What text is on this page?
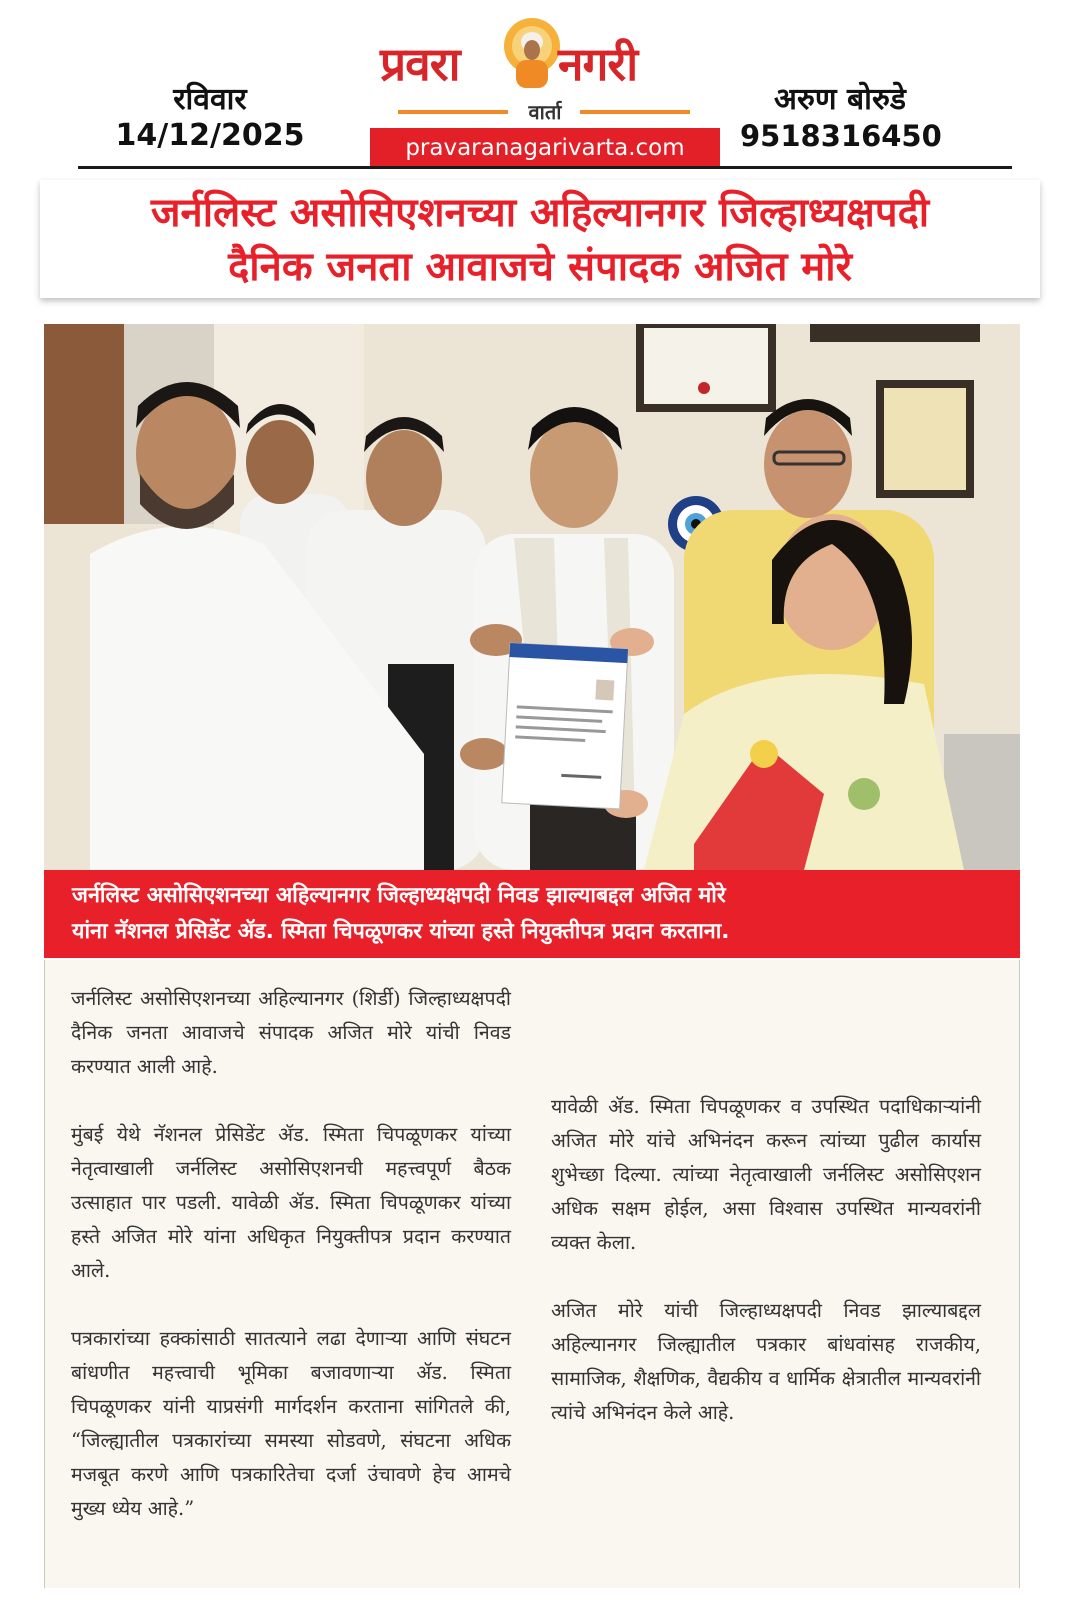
रविवार
14/12/2025
प्रवरा नगरी
वार्ता
pravaranagarivarta.com
अरुण बोरुडे
9518316450
जर्नलिस्ट असोसिएशनच्या अहिल्यानगर जिल्हाध्यक्षपदी
दैनिक जनता आवाजचे संपादक अजित मोरे
जर्नलिस्ट असोसिएशनच्या अहिल्यानगर जिल्हाध्यक्षपदी निवड झाल्याबद्दल अजित मोरे
यांना नॅशनल प्रेसिडेंट ॲड. स्मिता चिपळूणकर यांच्या हस्ते नियुक्तीपत्र प्रदान करताना.

जर्नलिस्ट असोसिएशनच्या अहिल्यानगर (शिर्डी) जिल्हाध्यक्षपदी दैनिक जनता आवाजचे संपादक अजित मोरे यांची निवड करण्यात आली आहे.

मुंबई येथे नॅशनल प्रेसिडेंट ॲड. स्मिता चिपळूणकर यांच्या नेतृत्वाखाली जर्नलिस्ट असोसिएशनची महत्त्वपूर्ण बैठक उत्साहात पार पडली. यावेळी ॲड. स्मिता चिपळूणकर यांच्या हस्ते अजित मोरे यांना अधिकृत नियुक्तीपत्र प्रदान करण्यात आले.

पत्रकारांच्या हक्कांसाठी सातत्याने लढा देणाऱ्या आणि संघटन बांधणीत महत्त्वाची भूमिका बजावणाऱ्या ॲड. स्मिता चिपळूणकर यांनी याप्रसंगी मार्गदर्शन करताना सांगितले की, “जिल्ह्यातील पत्रकारांच्या समस्या सोडवणे, संघटना अधिक मजबूत करणे आणि पत्रकारितेचा दर्जा उंचावणे हेच आमचे मुख्य ध्येय आहे.”

यावेळी ॲड. स्मिता चिपळूणकर व उपस्थित पदाधिकाऱ्यांनी अजित मोरे यांचे अभिनंदन करून त्यांच्या पुढील कार्यास शुभेच्छा दिल्या. त्यांच्या नेतृत्वाखाली जर्नलिस्ट असोसिएशन अधिक सक्षम होईल, असा विश्वास उपस्थित मान्यवरांनी व्यक्त केला.

अजित मोरे यांची जिल्हाध्यक्षपदी निवड झाल्याबद्दल अहिल्यानगर जिल्ह्यातील पत्रकार बांधवांसह राजकीय, सामाजिक, शैक्षणिक, वैद्यकीय व धार्मिक क्षेत्रातील मान्यवरांनी त्यांचे अभिनंदन केले आहे.
